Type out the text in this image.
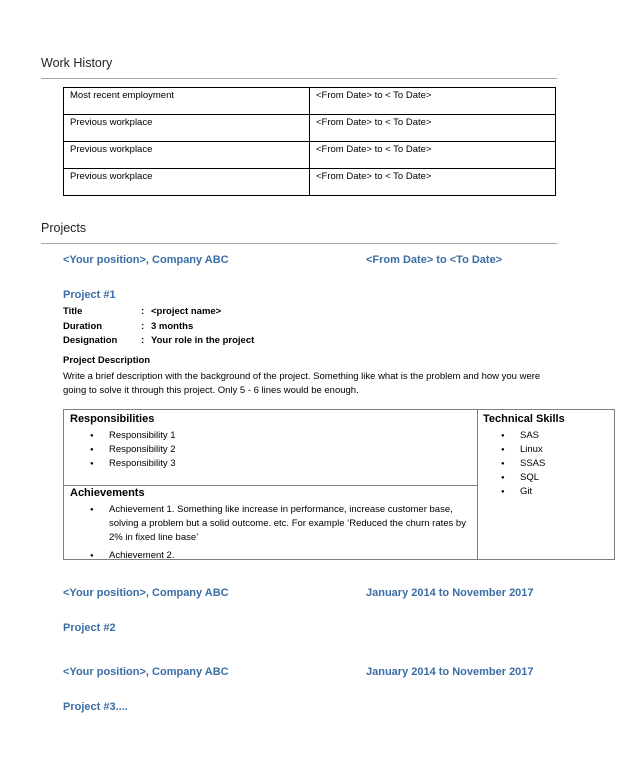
Work History
Most recent employment	<From Date> to < To Date>
Previous workplace	<From Date> to < To Date>
Previous workplace	<From Date> to < To Date>
Previous workplace	<From Date> to < To Date>
Projects
<Your position>, Company ABC	<From Date> to <To Date>
Project #1
Title	: <project name>
Duration	: 3 months
Designation : Your role in the project
Project Description
Write a brief description with the background of the project. Something like what is the problem and how you were going to solve it through this project. Only 5 - 6 lines would be enough.
Responsibilities
● Responsibility 1
● Responsibility 2
● Responsibility 3
Achievements
● Achievement 1. Something like increase in performance, increase customer base, solving a problem but a solid outcome. etc. For example ‘Reduced the churn rates by 2% in fixed line base’
● Achievement 2.
Technical Skills
● SAS
● Linux
● SSAS
● SQL
● Git
<Your position>, Company ABC	January 2014 to November 2017
Project #2
<Your position>, Company ABC	January 2014 to November 2017
Project #3....
